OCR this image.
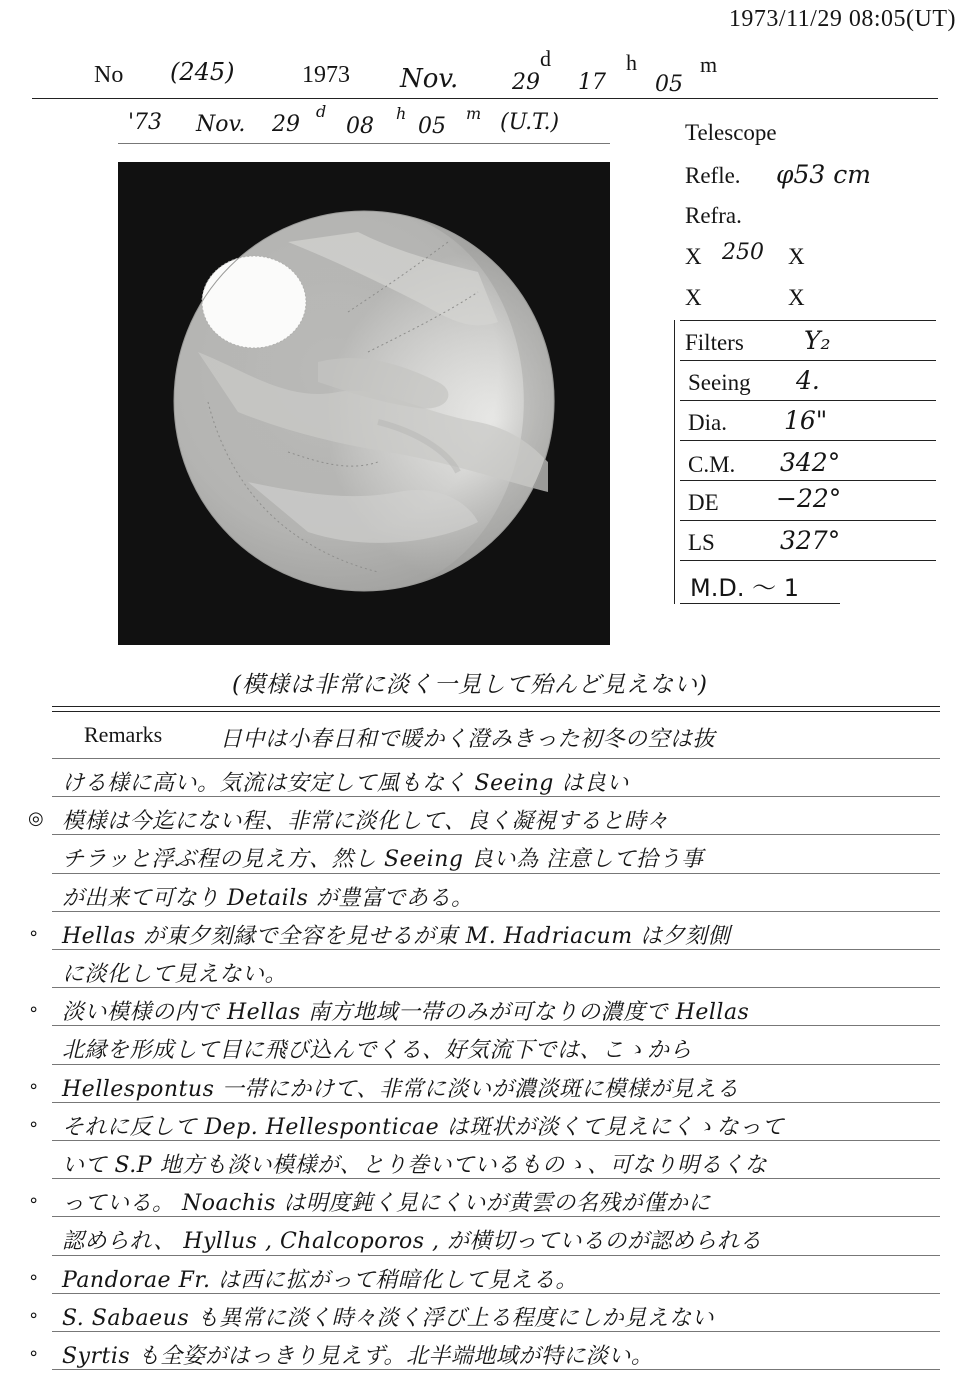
1973/11/29 08:05(UT)
No (245)	1973 Nov. 29 17 05
d	h	m
'73 Nov. 29
d
08
h
05
m (U.T.)	Telescope
Refle. φ53 cm
Refra.
X 250 X
X	X
Filters Y₂
Seeing 4.
Dia. 16"
C.M. 342°
DE −22°
LS	327°
M.D. ～ 1
(模様は非常に淡く一見して殆んど見えない)
Remarks	日中は小春日和で暖かく澄みきった初冬の空は抜
ける様に高い。気流は安定して風もなく Seeing は良い
◎ 模様は今迄にない程、非常に淡化して、良く凝視すると時々
チラッと浮ぶ程の見え方、然し Seeing 良い為 注意して拾う事
が出来て可なり Details が豊富である。
∘ Hellas が東夕刻縁で全容を見せるが東 M. Hadriacum は夕刻側
に淡化して見えない。
∘ 淡い模様の内で Hellas 南方地域一帯のみが可なりの濃度で Hellas
北縁を形成して目に飛び込んでくる、好気流下では、こゝから
∘ Hellespontus 一帯にかけて、非常に淡いが濃淡斑に模様が見える
∘ それに反して Dep. Hellesponticae は斑状が淡くて見えにくゝなって
いて S.P 地方も淡い模様が、とり巻いているものゝ、可なり明るくな
∘ っている。 Noachis は明度鈍く見にくいが黄雲の名残が僅かに
認められ、 Hyllus , Chalcoporos , が横切っているのが認められる
∘ Pandorae Fr. は西に拡がって稍暗化して見える。
∘ S. Sabaeus も異常に淡く時々淡く浮び上る程度にしか見えない
∘ Syrtis も全姿がはっきり見えず。北半端地域が特に淡い。
